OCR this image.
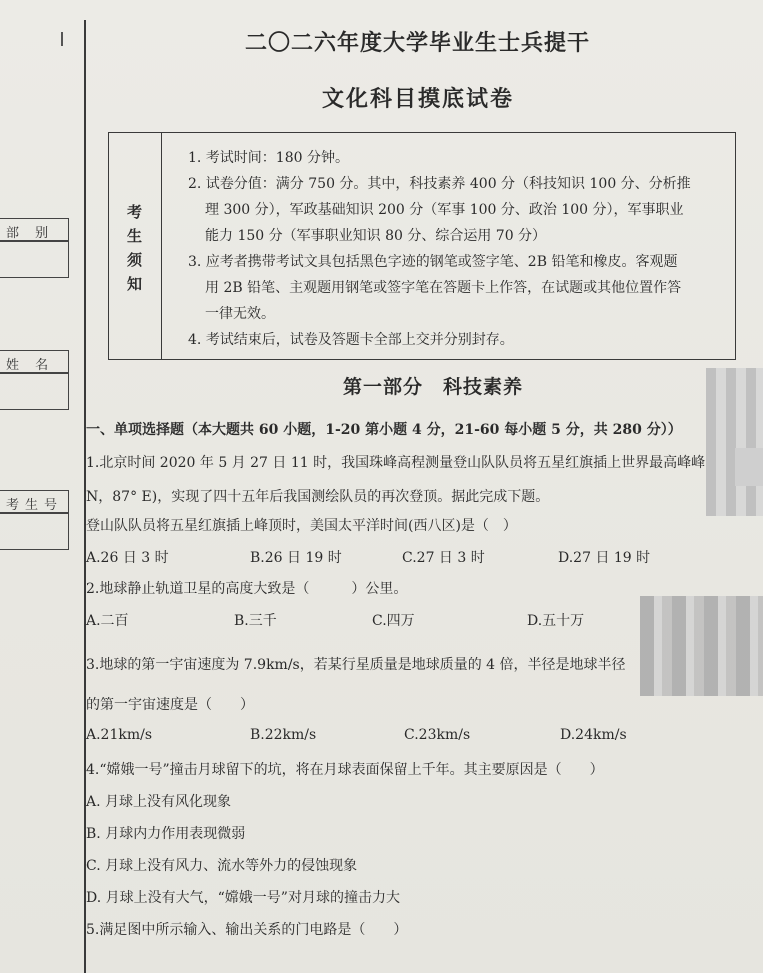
部 别
姓 名
考生号
二〇二六年度大学毕业生士兵提干
文化科目摸底试卷
考
生
须
知
1. 考试时间：180 分钟。
2. 试卷分值：满分 750 分。其中，科技素养 400 分（科技知识 100 分、分析推
理 300 分），军政基础知识 200 分（军事 100 分、政治 100 分），军事职业
能力 150 分（军事职业知识 80 分、综合运用 70 分）
3. 应考者携带考试文具包括黑色字迹的钢笔或签字笔、2B 铅笔和橡皮。客观题
用 2B 铅笔、主观题用钢笔或签字笔在答题卡上作答，在试题或其他位置作答
一律无效。
4. 考试结束后，试卷及答题卡全部上交并分别封存。
第一部分　科技素养
一、单项选择题（本大题共 60 小题，1-20 第小题 4 分，21-60 每小题 5 分，共 280 分））
1.北京时间 2020 年 5 月 27 日 11 时，我国珠峰高程测量登山队队员将五星红旗插上世界最高峰峰
N，87° E)，实现了四十五年后我国测绘队员的再次登顶。据此完成下题。
登山队队员将五星红旗插上峰顶时，美国太平洋时间(西八区)是（　）
A.26 日 3 时	B.26 日 19 时	C.27 日 3 时	D.27 日 19 时
2.地球静止轨道卫星的高度大致是（　　　）公里。
A.二百	B.三千	C.四万	D.五十万
3.地球的第一宇宙速度为 7.9km/s，若某行星质量是地球质量的 4 倍，半径是地球半径
的第一宇宙速度是（　　）
A.21km/s	B.22km/s	C.23km/s	D.24km/s
4.“嫦娥一号”撞击月球留下的坑，将在月球表面保留上千年。其主要原因是（　　）
A. 月球上没有风化现象
B. 月球内力作用表现微弱
C. 月球上没有风力、流水等外力的侵蚀现象
D. 月球上没有大气，“嫦娥一号”对月球的撞击力大
5.满足图中所示输入、输出关系的门电路是（　　）
